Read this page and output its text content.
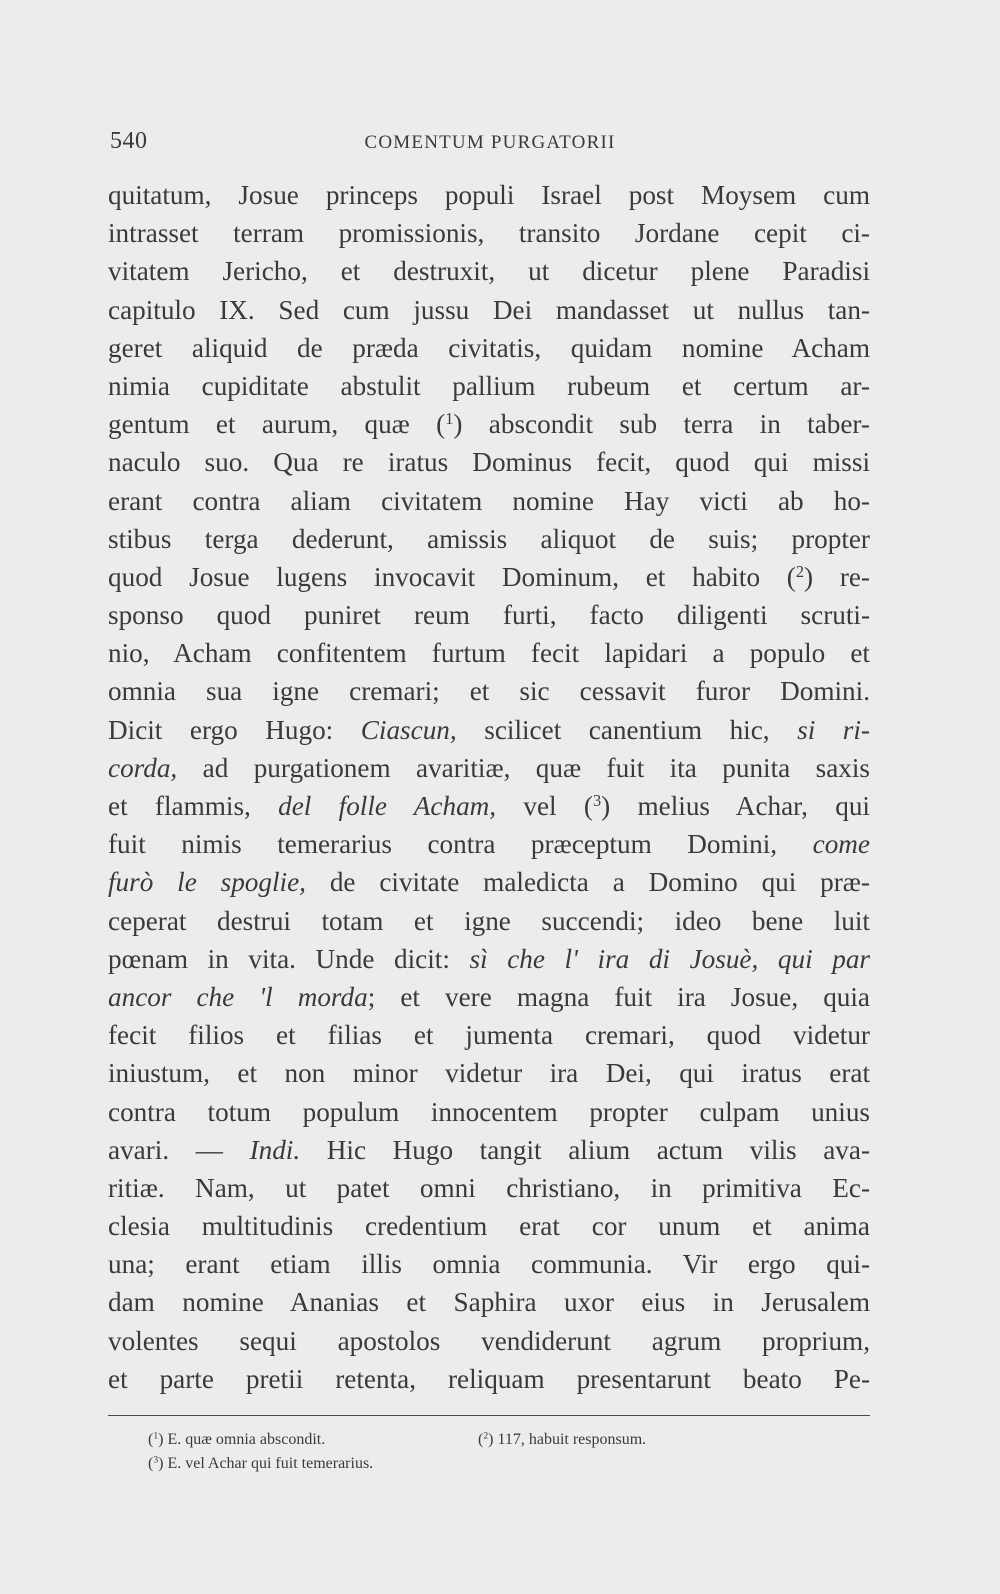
540	COMENTUM PURGATORII
quitatum, Josue princeps populi Israel post Moysem cum
intrasset terram promissionis, transito Jordane cepit ci-
vitatem Jericho, et destruxit, ut dicetur plene Paradisi
capitulo IX. Sed cum jussu Dei mandasset ut nullus tan-
geret aliquid de præda civitatis, quidam nomine Acham
nimia cupiditate abstulit pallium rubeum et certum ar-
gentum et aurum, quæ ($^1$) abscondit sub terra in taber-
naculo suo. Qua re iratus Dominus fecit, quod qui missi
erant contra aliam civitatem nomine Hay victi ab ho-
stibus terga dederunt, amissis aliquot de suis; propter
quod Josue lugens invocavit Dominum, et habito ($^2$) re-
sponso quod puniret reum furti, facto diligenti scruti-
nio, Acham confitentem furtum fecit lapidari a populo et
omnia sua igne cremari; et sic cessavit furor Domini.
Dicit ergo Hugo: Ciascun, scilicet canentium hic, si ri-
corda, ad purgationem avaritiæ, quæ fuit ita punita saxis
et flammis, del folle Acham, vel ($^3$) melius Achar, qui
fuit nimis temerarius contra præceptum Domini, come
furò le spoglie, de civitate maledicta a Domino qui præ-
ceperat destrui totam et igne succendi; ideo bene luit
pœnam in vita. Unde dicit: sì che l' ira di Josuè, qui par
ancor che 'l morda; et vere magna fuit ira Josue, quia
fecit filios et filias et jumenta cremari, quod videtur
iniustum, et non minor videtur ira Dei, qui iratus erat
contra totum populum innocentem propter culpam unius
avari. — Indi. Hic Hugo tangit alium actum vilis ava-
ritiæ. Nam, ut patet omni christiano, in primitiva Ec-
clesia multitudinis credentium erat cor unum et anima
una; erant etiam illis omnia communia. Vir ergo qui-
dam nomine Ananias et Saphira uxor eius in Jerusalem
volentes sequi apostolos vendiderunt agrum proprium,
et parte pretii retenta, reliquam presentarunt beato Pe-
($^1$) E. quæ omnia abscondit.	($^2$) 117, habuit responsum.
($^3$) E. vel Achar qui fuit temerarius.
